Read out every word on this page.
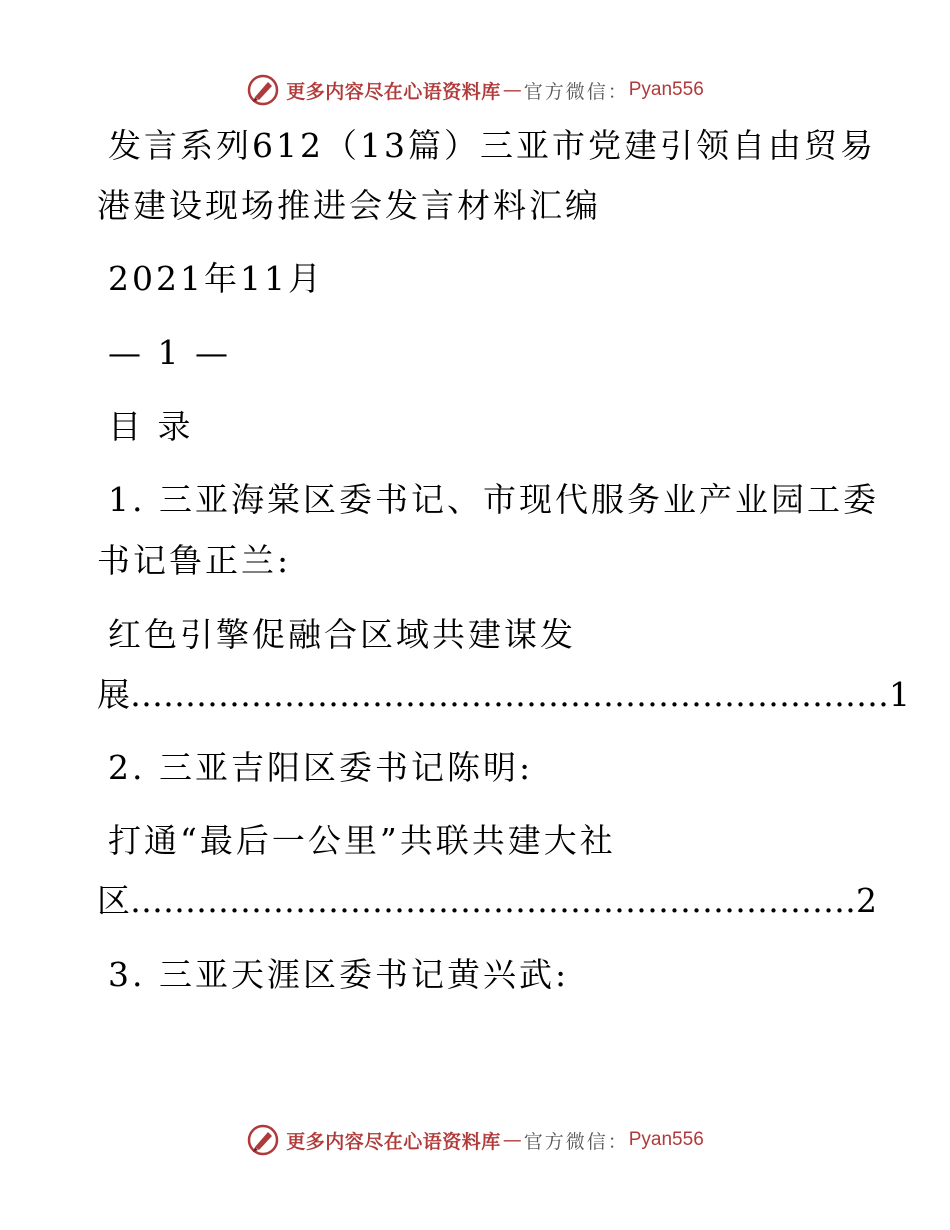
更多内容尽在心语资料库 — 官方微信： Pyan556
发言系列612（13篇）三亚市党建引领自由贸易
港建设现场推进会发言材料汇编
2021年11月
— 1 —
目 录
1. 三亚海棠区委书记、市现代服务业产业园工委
书记鲁正兰:
红色引擎促融合区域共建谋发
展……………………………………………………………1
2. 三亚吉阳区委书记陈明:
打通“最后一公里”共联共建大社
区…………………………………………………………2
3. 三亚天涯区委书记黄兴武:
更多内容尽在心语资料库 — 官方微信： Pyan556
